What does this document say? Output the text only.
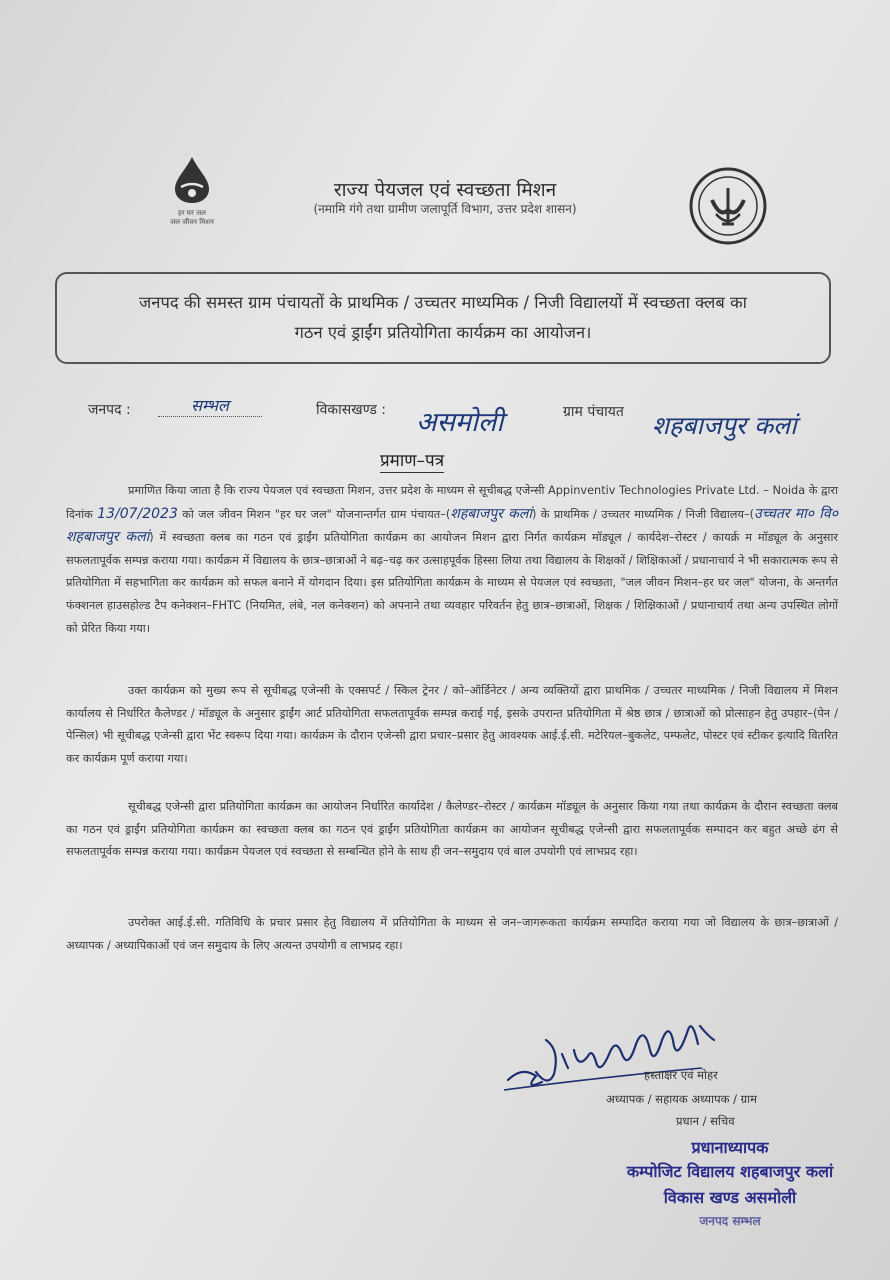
हर घर जल
जल जीवन मिशन
राज्य पेयजल एवं स्वच्छता मिशन
(नमामि गंगे तथा ग्रामीण जलापूर्ति विभाग, उत्तर प्रदेश शासन)
जनपद की समस्त ग्राम पंचायतों के प्राथमिक / उच्चतर माध्यमिक / निजी विद्यालयों में स्वच्छता क्लब का
गठन एवं ड्राईंग प्रतियोगिता कार्यक्रम का आयोजन।
जनपद :	सम्भल	विकासखण्ड : असमोली	ग्राम पंचायत शहबाजपुर कलां
प्रमाण–पत्र
प्रमाणित किया जाता है कि राज्य पेयजल एवं स्वच्छता मिशन, उत्तर प्रदेश के माध्यम से सूचीबद्ध एजेन्सी Appinventiv Technologies Private Ltd. – Noida के द्वारा दिनांक 13/07/2023 को जल जीवन मिशन "हर घर जल" योजनान्तर्गत ग्राम पंचायत–(शहबाजपुर कलां) के प्राथमिक / उच्चतर माध्यमिक / निजी विद्यालय–(उच्चतर मा० वि० शहबाजपुर कलां) में स्वच्छता क्लब का गठन एवं ड्राईंग प्रतियोगिता कार्यक्रम का आयोजन मिशन द्वारा निर्गत कार्यक्रम मॉड्यूल / कार्यदेश–रोस्टर / कायर्क्र म मॉड्यूल के अनुसार सफलतापूर्वक सम्पन्न कराया गया। कार्यक्रम में विद्यालय के छात्र–छात्राओं ने बढ़–चढ़ कर उत्साहपूर्वक हिस्सा लिया तथा विद्यालय के शिक्षकों / शिक्षिकाओं / प्रधानाचार्य ने भी सकारात्मक रूप से प्रतियोगिता में सहभागिता कर कार्यक्रम को सफल बनाने में योगदान दिया। इस प्रतियोगिता कार्यक्रम के माध्यम से पेयजल एवं स्वच्छता, "जल जीवन मिशन–हर घर जल" योजना, के अन्तर्गत फंक्शनल हाउसहोल्ड टैप कनेक्शन–FHTC (नियमित, लंबे, नल कनेक्शन) को अपनाने तथा व्यवहार परिवर्तन हेतु छात्र–छात्राओं, शिक्षक / शिक्षिकाओं / प्रधानाचार्य तथा अन्य उपस्थित लोगों को प्रेरित किया गया।
उक्त कार्यक्रम को मुख्य रूप से सूचीबद्ध एजेन्सी के एक्सपर्ट / स्किल ट्रेनर / को–ऑर्डिनेटर / अन्य व्यक्तियों द्वारा प्राथमिक / उच्चतर माध्यमिक / निजी विद्यालय में मिशन कार्यालय से निर्धारित कैलेण्डर / मॉड्यूल के अनुसार ड्राईंग आर्ट प्रतियोगिता सफलतापूर्वक सम्पन्न कराई गई, इसके उपरान्त प्रतियोगिता में श्रेष्ठ छात्र / छात्राओं को प्रोत्साहन हेतु उपहार–(पेन / पेन्सिल) भी सूचीबद्ध एजेन्सी द्वारा भेंट स्वरूप दिया गया। कार्यक्रम के दौरान एजेन्सी द्वारा प्रचार–प्रसार हेतु आवश्यक आई.ई.सी. मटेरियल–बुकलेट, पम्फलेट, पोस्टर एवं स्टीकर इत्यादि वितरित कर कार्यक्रम पूर्ण कराया गया।
सूचीबद्ध एजेन्सी द्वारा प्रतियोगिता कार्यक्रम का आयोजन निर्धारित कार्यादेश / कैलेण्डर–रोस्टर / कार्यक्रम मॉड्यूल के अनुसार किया गया तथा कार्यक्रम के दौरान स्वच्छता क्लब का गठन एवं ड्राईंग प्रतियोगिता कार्यक्रम का स्वच्छता क्लब का गठन एवं ड्राईंग प्रतियोगिता कार्यक्रम का आयोजन सूचीबद्ध एजेन्सी द्वारा सफलतापूर्वक सम्पादन कर बहुत अच्छे ढंग से सफलतापूर्वक सम्पन्न कराया गया। कार्यक्रम पेयजल एवं स्वच्छता से सम्बन्धित होने के साथ ही जन–समुदाय एवं बाल उपयोगी एवं लाभप्रद रहा।
उपरोक्त आई.ई.सी. गतिविधि के प्रचार प्रसार हेतु विद्यालय में प्रतियोगिता के माध्यम से जन–जागरूकता कार्यक्रम सम्पादित कराया गया जो विद्यालय के छात्र–छात्राओं / अध्यापक / अध्यापिकाओं एवं जन समुदाय के लिए अत्यन्त उपयोगी व लाभप्रद रहा।
हस्ताक्षर एवं मोहर
अध्यापक / सहायक अध्यापक / ग्राम
प्रधान / सचिव
प्रधानाध्यापक
कम्पोजिट विद्यालय शहबाजपुर कलां
विकास खण्ड असमोली
जनपद सम्भल
